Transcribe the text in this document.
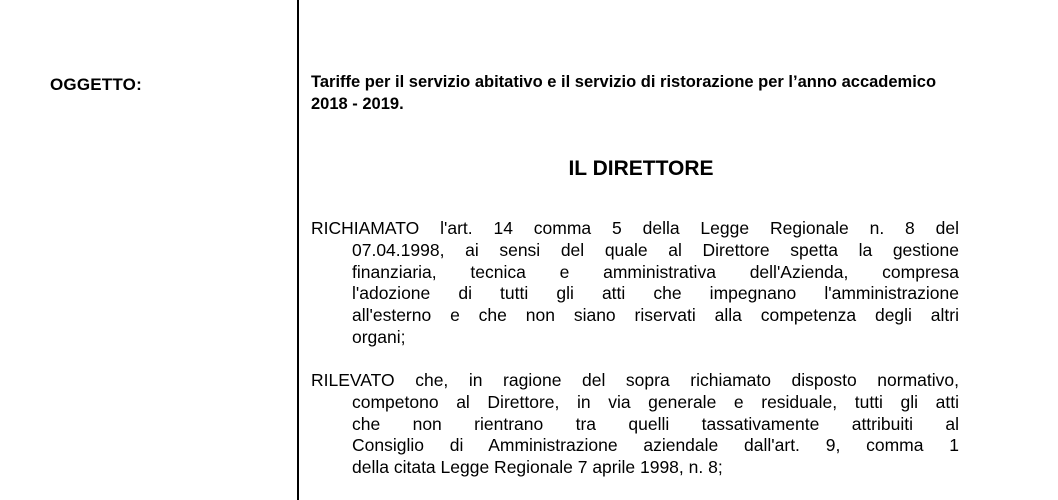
OGGETTO:	Tariffe per il servizio abitativo e il servizio di ristorazione per l’anno accademico 2018 - 2019.
IL DIRETTORE
RICHIAMATO l'art. 14 comma 5 della Legge Regionale n. 8 del
07.04.1998, ai sensi del quale al Direttore spetta la gestione
finanziaria, tecnica e amministrativa dell'Azienda, compresa
l'adozione di tutti gli atti che impegnano l'amministrazione
all'esterno e che non siano riservati alla competenza degli altri
organi;
RILEVATO che, in ragione del sopra richiamato disposto normativo,
competono al Direttore, in via generale e residuale, tutti gli atti
che non rientrano tra quelli tassativamente attribuiti al
Consiglio di Amministrazione aziendale dall'art. 9, comma 1
della citata Legge Regionale 7 aprile 1998, n. 8;
